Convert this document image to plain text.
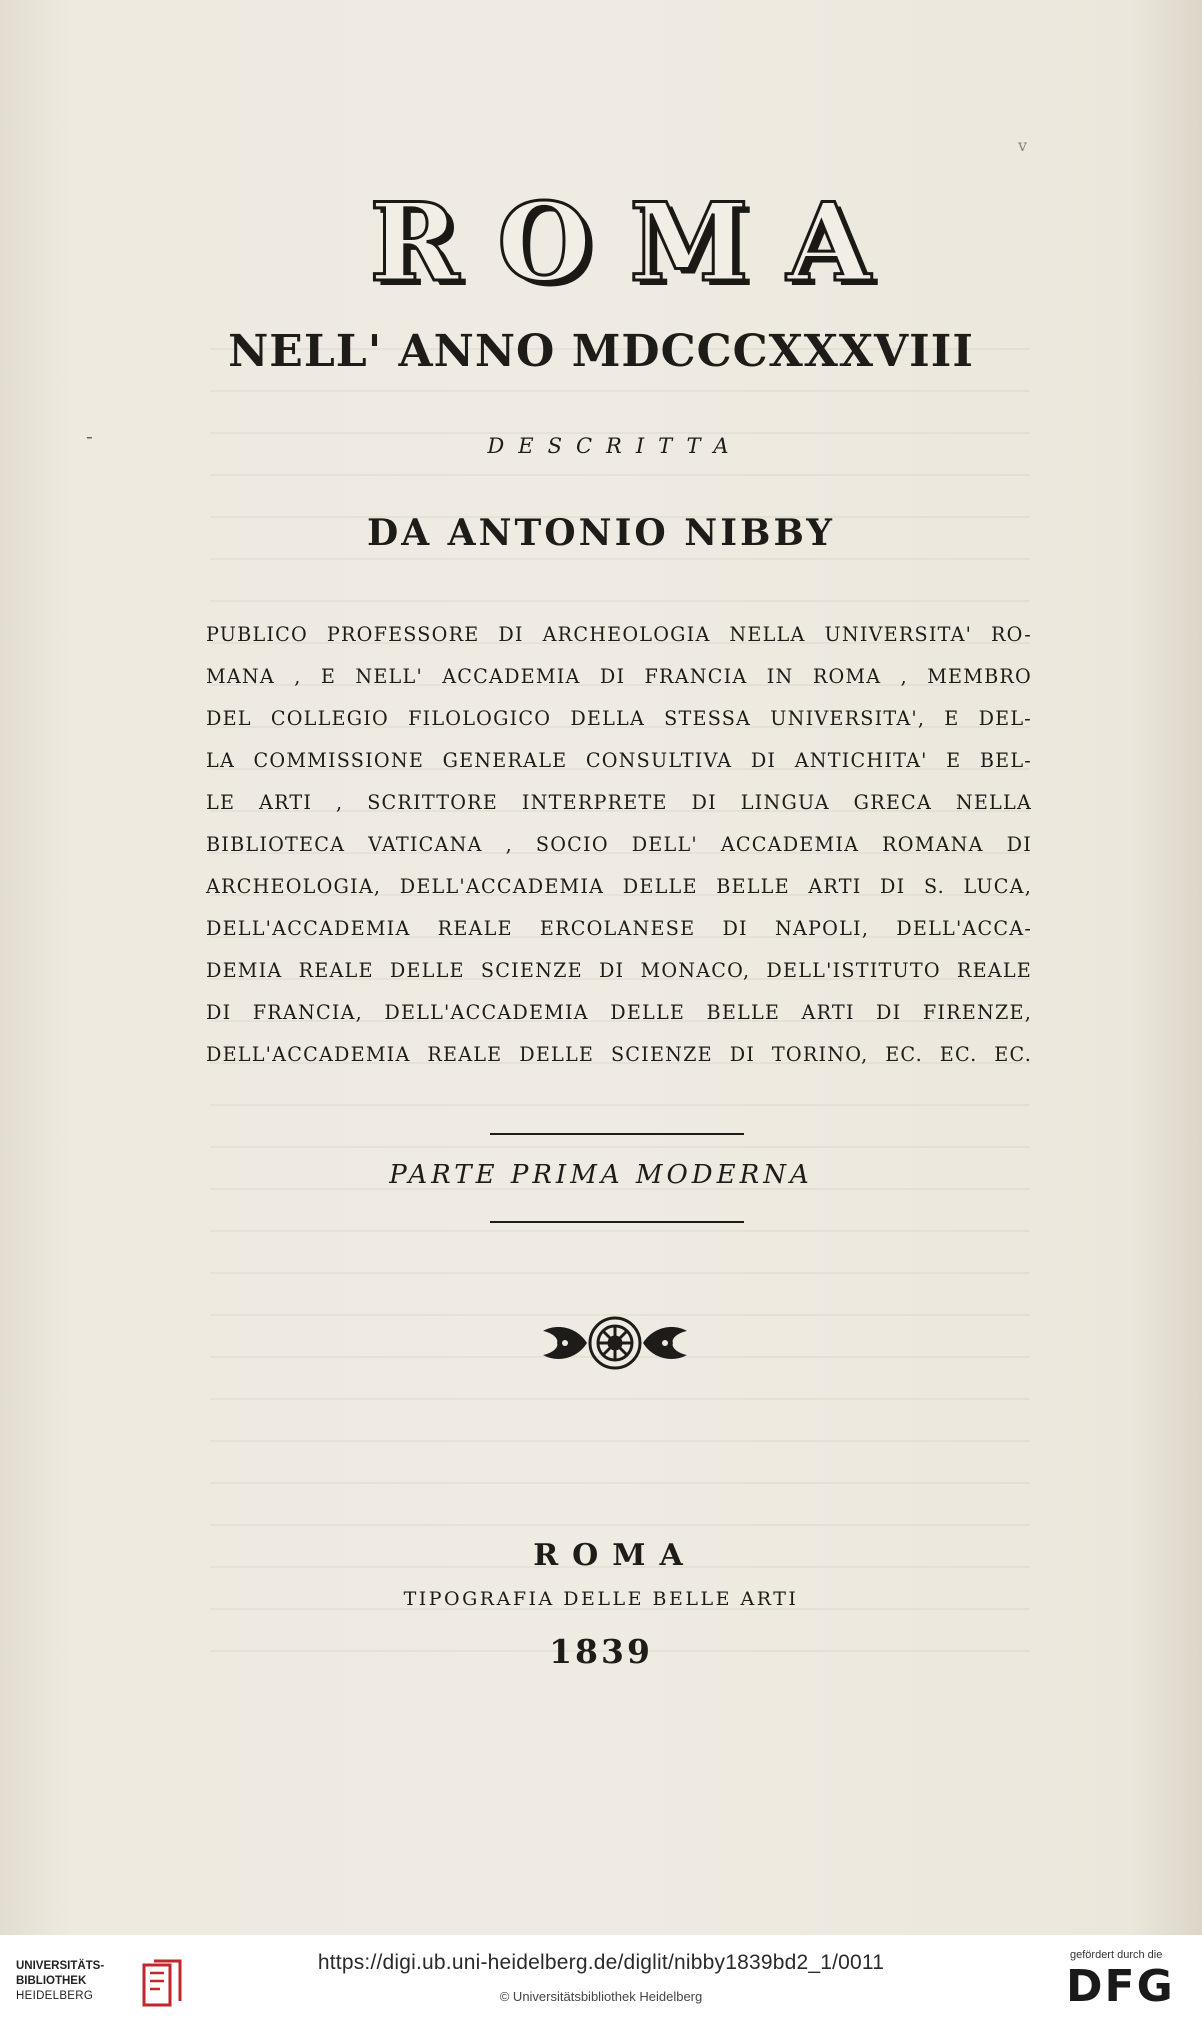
v
-
ROMA
NELL' ANNO MDCCCXXXVIII
DESCRITTA
DA ANTONIO NIBBY
PUBLICO PROFESSORE DI ARCHEOLOGIA NELLA UNIVERSITA' RO-
MANA , E NELL' ACCADEMIA DI FRANCIA IN ROMA , MEMBRO
DEL COLLEGIO FILOLOGICO DELLA STESSA UNIVERSITA', E DEL-
LA COMMISSIONE GENERALE CONSULTIVA DI ANTICHITA' E BEL-
LE ARTI , SCRITTORE INTERPRETE DI LINGUA GRECA NELLA
BIBLIOTECA VATICANA , SOCIO DELL' ACCADEMIA ROMANA DI
ARCHEOLOGIA, DELL'ACCADEMIA DELLE BELLE ARTI DI S. LUCA,
DELL'ACCADEMIA REALE ERCOLANESE DI NAPOLI, DELL'ACCA-
DEMIA REALE DELLE SCIENZE DI MONACO, DELL'ISTITUTO REALE
DI FRANCIA, DELL'ACCADEMIA DELLE BELLE ARTI DI FIRENZE,
DELL'ACCADEMIA REALE DELLE SCIENZE DI TORINO, EC. EC. EC.
PARTE PRIMA MODERNA
ROMA
TIPOGRAFIA DELLE BELLE ARTI
1839
UNIVERSITÄTS-
BIBLIOTHEK
HEIDELBERG
https://digi.ub.uni-heidelberg.de/diglit/nibby1839bd2_1/0011
© Universitätsbibliothek Heidelberg
gefördert durch die
DFG
